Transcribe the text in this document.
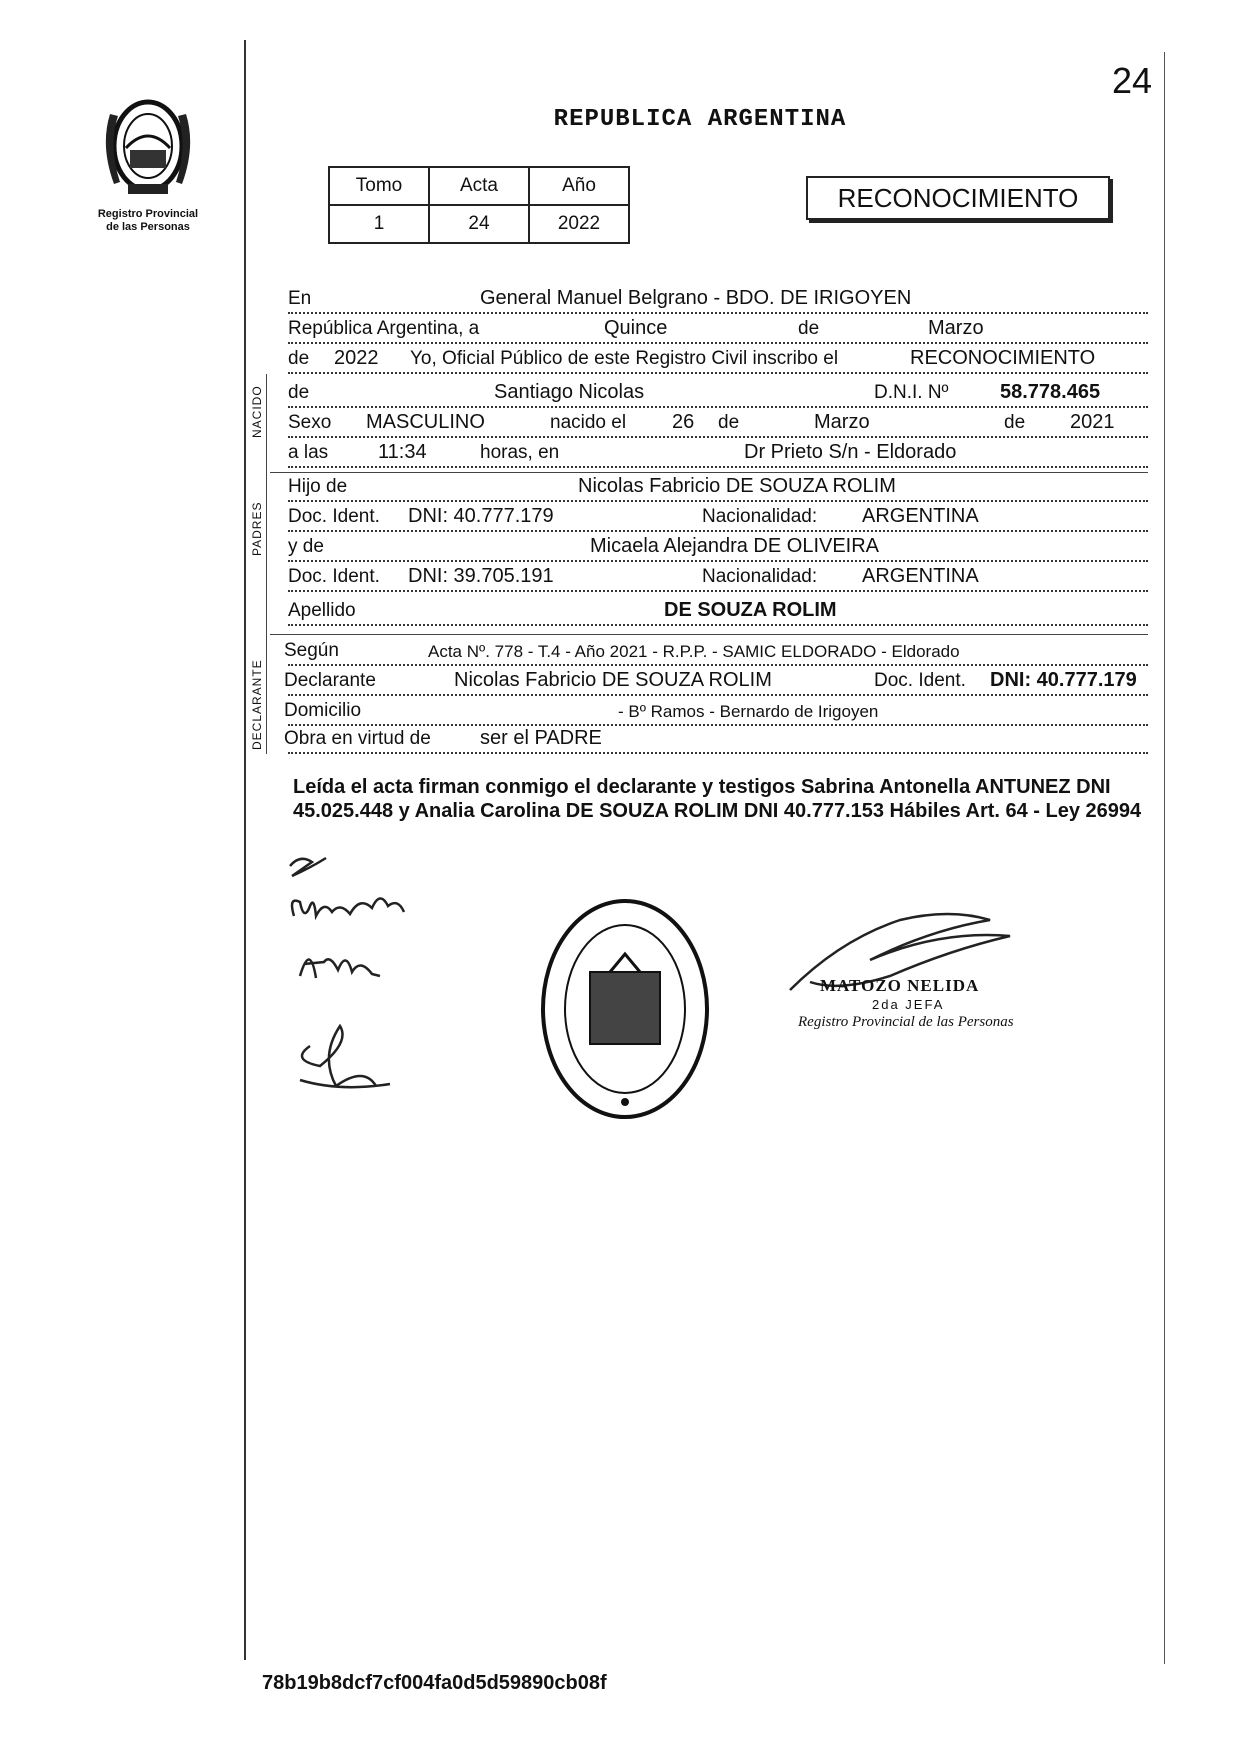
Registro Provincial
de las Personas
24
REPUBLICA ARGENTINA
Tomo	Acta	Año
1	24	2022
RECONOCIMIENTO
En	General Manuel Belgrano - BDO. DE IRIGOYEN
República Argentina, a	Quince	de	Marzo
de 2022 Yo, Oficial Público de este Registro Civil inscribo el	RECONOCIMIENTO
NACIDO de	Santiago Nicolas	D.N.I. Nº	58.778.465
Sexo MASCULINO	nacido el 26 de	Marzo	de 2021
a las 11:34	horas, en	Dr Prieto S/n - Eldorado
PADRES
Hijo de	Nicolas Fabricio DE SOUZA ROLIM
Doc. Ident. DNI: 40.777.179	Nacionalidad: ARGENTINA
y de	Micaela Alejandra DE OLIVEIRA
Doc. Ident. DNI: 39.705.191	Nacionalidad: ARGENTINA
Apellido	DE SOUZA ROLIM
DECLARANTE
Según	Acta Nº. 778 - T.4 - Año 2021 - R.P.P. - SAMIC ELDORADO - Eldorado
Declarante	Nicolas Fabricio DE SOUZA ROLIM	Doc. Ident. DNI: 40.777.179
Domicilio	- Bº Ramos - Bernardo de Irigoyen
Obra en virtud de ser el PADRE
Leída el acta firman conmigo el declarante y testigos Sabrina Antonella ANTUNEZ DNI 45.025.448 y Analia Carolina DE SOUZA ROLIM DNI 40.777.153 Hábiles Art. 64 - Ley 26994
MATOZO NELIDA
2da JEFA
Registro Provincial de las Personas
78b19b8dcf7cf004fa0d5d59890cb08f
